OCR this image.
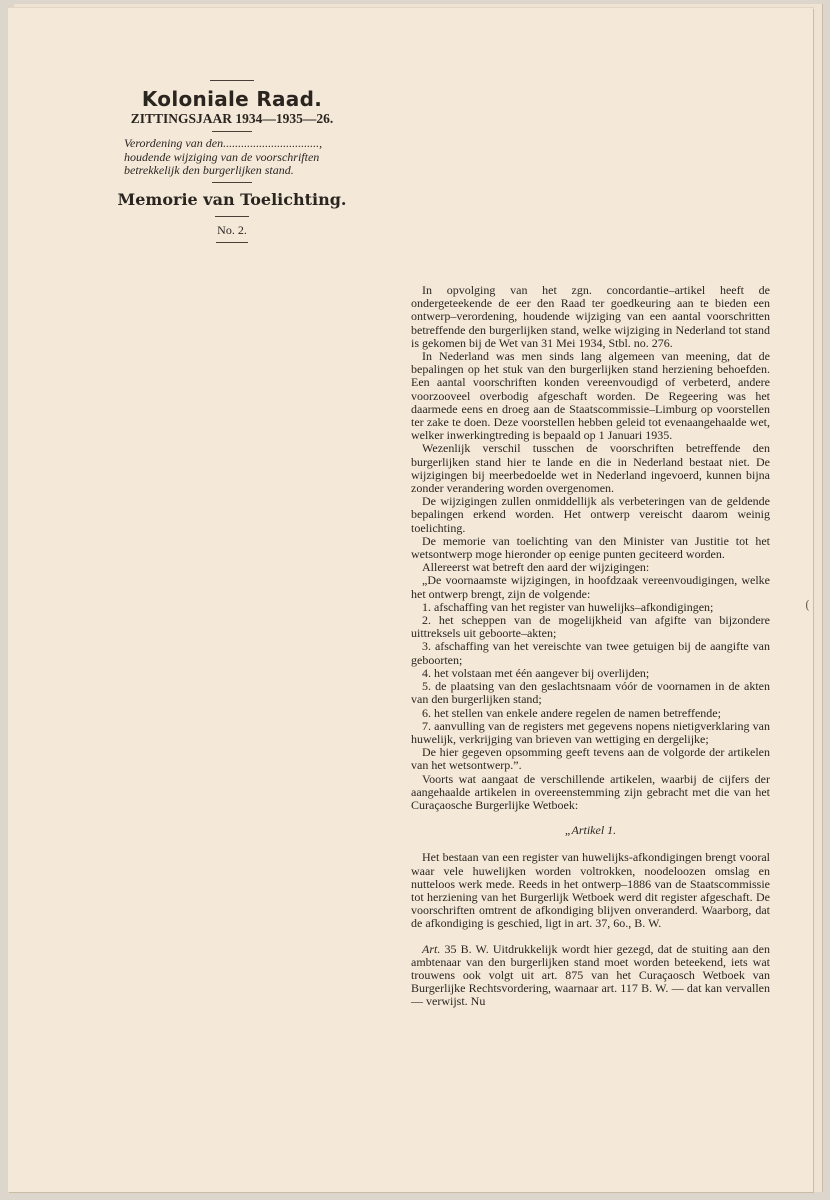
Koloniale Raad.
ZITTINGSJAAR 1934—1935—26.
Verordening van den................................, houdende wijziging van de voorschriften betrekkelijk den burgerlijken stand.
Memorie van Toelichting.
No. 2.

In opvolging van het zgn. concordantie–artikel heeft de ondergeteekende de eer den Raad ter goedkeuring aan te bieden een ontwerp–verordening, houdende wijziging van een aantal voorschritten betreffende den burgerlijken stand, welke wijziging in Nederland tot stand is gekomen bij de Wet van 31 Mei 1934, Stbl. no. 276.

In Nederland was men sinds lang algemeen van meening, dat de bepalingen op het stuk van den burgerlijken stand herziening behoefden. Een aantal voorschriften konden vereenvoudigd of verbeterd, andere voorzooveel overbodig afgeschaft worden. De Regeering was het daarmede eens en droeg aan de Staatscommissie–Limburg op voorstellen ter zake te doen. Deze voorstellen hebben geleid tot evenaangehaalde wet, welker inwerkingtreding is bepaald op 1 Januari 1935.

Wezenlijk verschil tusschen de voorschriften betreffende den burgerlijken stand hier te lande en die in Nederland bestaat niet. De wijzigingen bij meerbedoelde wet in Nederland ingevoerd, kunnen bijna zonder verandering worden overgenomen.

De wijzigingen zullen onmiddellijk als verbeteringen van de geldende bepalingen erkend worden. Het ontwerp vereischt daarom weinig toelichting.

De memorie van toelichting van den Minister van Justitie tot het wetsontwerp moge hieronder op eenige punten geciteerd worden.

Allereerst wat betreft den aard der wijzigingen:

„De voornaamste wijzigingen, in hoofdzaak vereenvoudigingen, welke het ontwerp brengt, zijn de volgende:

1. afschaffing van het register van huwelijks–afkondigingen;

2. het scheppen van de mogelijkheid van afgifte van bijzondere uittreksels uit geboorte–akten;

3. afschaffing van het vereischte van twee getuigen bij de aangifte van geboorten;

4. het volstaan met één aangever bij overlijden;

5. de plaatsing van den geslachtsnaam vóór de voornamen in de akten van den burgerlijken stand;

6. het stellen van enkele andere regelen de namen betreffende;

7. aanvulling van de registers met gegevens nopens nietigverklaring van huwelijk, verkrijging van brieven van wettiging en dergelijke;

De hier gegeven opsomming geeft tevens aan de volgorde der artikelen van het wetsontwerp.”.

Voorts wat aangaat de verschillende artikelen, waarbij de cijfers der aangehaalde artikelen in overeenstemming zijn gebracht met die van het Curaçaosche Burgerlijke Wetboek:

„Artikel 1.

Het bestaan van een register van huwelijks-afkondigingen brengt vooral waar vele huwelijken worden voltrokken, noodeloozen omslag en nutteloos werk mede. Reeds in het ontwerp–1886 van de Staatscommissie tot herziening van het Burgerlijk Wetboek werd dit register afgeschaft. De voorschriften omtrent de afkondiging blijven onveranderd. Waarborg, dat de afkondiging is geschied, ligt in art. 37, 6o., B. W.

Art. 35 B. W. Uitdrukkelijk wordt hier gezegd, dat de stuiting aan den ambtenaar van den burgerlijken stand moet worden beteekend, iets wat trouwens ook volgt uit art. 875 van het Curaçaosch Wetboek van Burgerlijke Rechtsvordering, waarnaar art. 117 B. W. — dat kan vervallen — verwijst. Nu

(
